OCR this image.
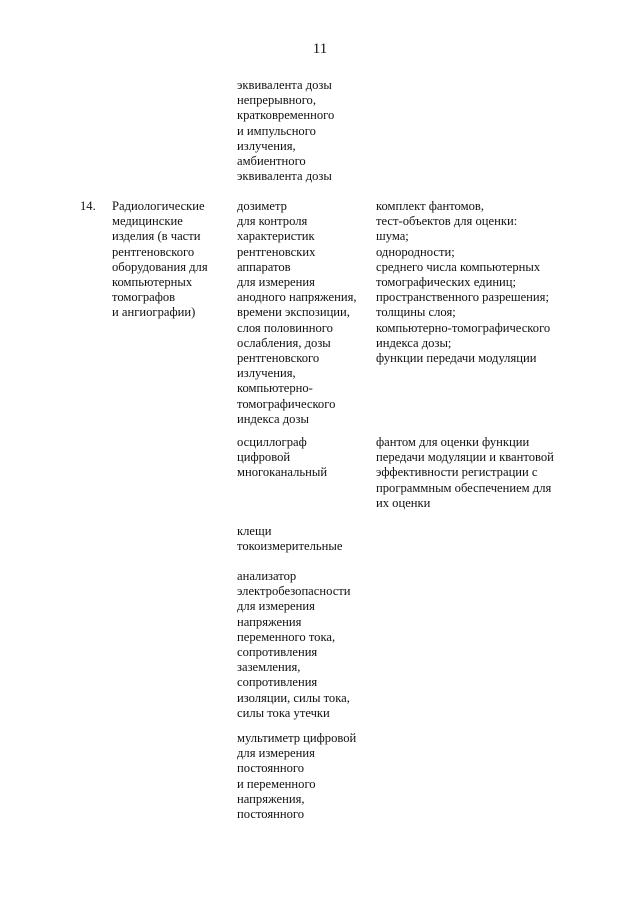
11
эквивалента дозы
непрерывного,
кратковременного
и импульсного
излучения,
амбиентного
эквивалента дозы
14. Радиологические
медицинские
изделия (в части
рентгеновского
оборудования для
компьютерных
томографов
и ангиографии)
дозиметр
для контроля
характеристик
рентгеновских
аппаратов
для измерения
анодного напряжения,
времени экспозиции,
слоя половинного
ослабления, дозы
рентгеновского
излучения,
компьютерно-
томографического
индекса дозы
осциллограф
цифровой
многоканальный
клещи
токоизмерительные
анализатор
электробезопасности
для измерения
напряжения
переменного тока,
сопротивления
заземления,
сопротивления
изоляции, силы тока,
силы тока утечки
мультиметр цифровой
для измерения
постоянного
и переменного
напряжения,
постоянного
комплект фантомов,
тест-объектов для оценки:
шума;
однородности;
среднего числа компьютерных
томографических единиц;
пространственного разрешения;
толщины слоя;
компьютерно-томографического
индекса дозы;
функции передачи модуляции
фантом для оценки функции
передачи модуляции и квантовой
эффективности регистрации с
программным обеспечением для
их оценки
